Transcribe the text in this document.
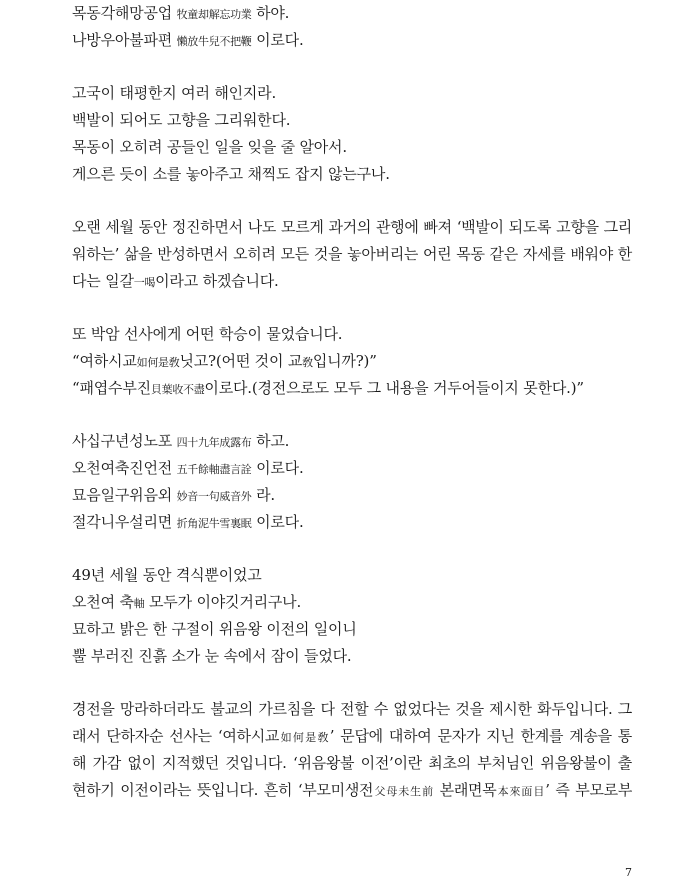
목동각해망공업 牧童却解忘功業 하야.
나방우아불파편 懶放牛兒不把鞭 이로다.
고국이 태평한지 여러 해인지라.
백발이 되어도 고향을 그리워한다.
목동이 오히려 공들인 일을 잊을 줄 알아서.
게으른 듯이 소를 놓아주고 채찍도 잡지 않는구나.
오랜 세월 동안 정진하면서 나도 모르게 과거의 관행에 빠져 ‘백발이 되도록 고향을 그리
워하는’ 삶을 반성하면서 오히려 모든 것을 놓아버리는 어린 목동 같은 자세를 배워야 한
다는 일갈一喝이라고 하겠습니다.
또 박암 선사에게 어떤 학승이 물었습니다.
“여하시교如何是敎닛고?(어떤 것이 교敎입니까?)”
“패엽수부진貝葉收不盡이로다.(경전으로도 모두 그 내용을 거두어들이지 못한다.)”
사십구년성노포 四十九年成露布 하고.
오천여축진언전 五千餘軸盡言詮 이로다.
묘음일구위음외 妙音一句威音外 라.
절각니우설리면 折角泥牛雪裏眠 이로다.
49년 세월 동안 격식뿐이었고
오천여 축軸 모두가 이야깃거리구나.
묘하고 밝은 한 구절이 위음왕 이전의 일이니
뿔 부러진 진흙 소가 눈 속에서 잠이 들었다.
경전을 망라하더라도 불교의 가르침을 다 전할 수 없었다는 것을 제시한 화두입니다. 그
래서 단하자순 선사는 ‘여하시교如何是敎’ 문답에 대하여 문자가 지닌 한계를 계송을 통
해 가감 없이 지적했던 것입니다. ‘위음왕불 이전’이란 최초의 부처님인 위음왕불이 출
현하기 이전이라는 뜻입니다. 흔히 ‘부모미생전父母未生前 본래면목本來面目’ 즉 부모로부
7
